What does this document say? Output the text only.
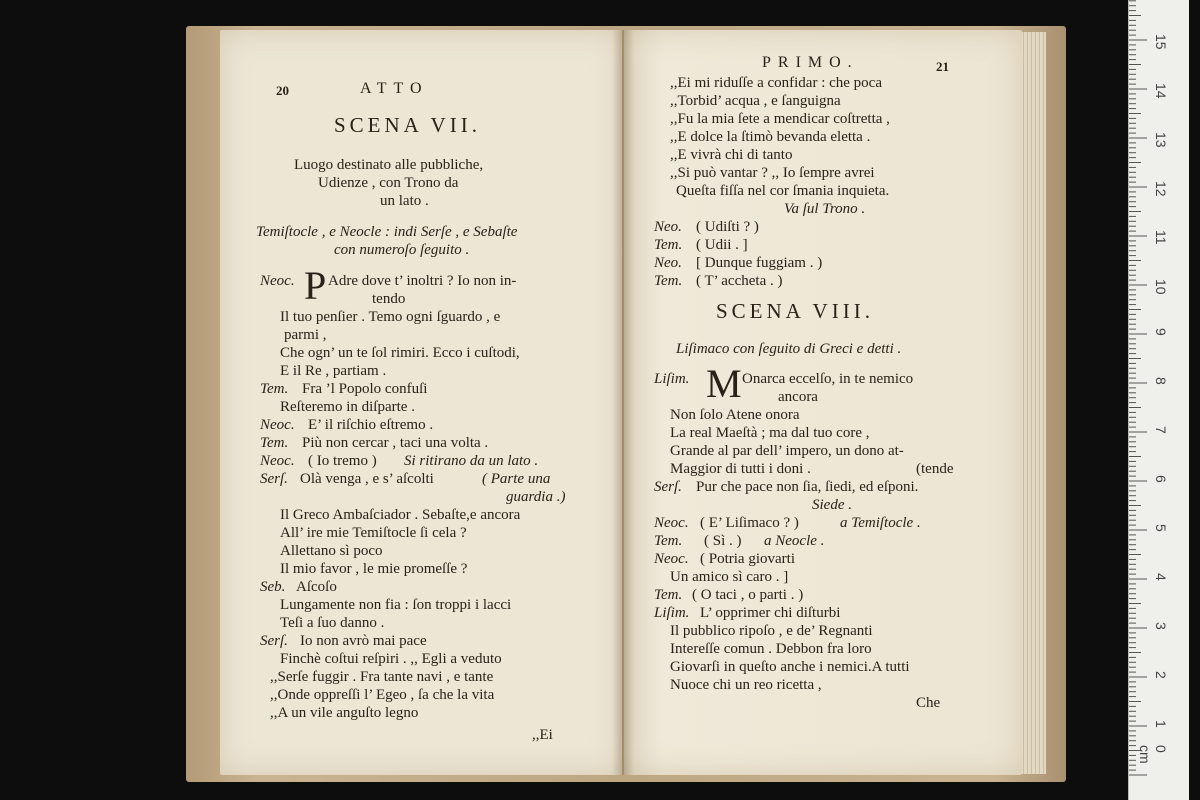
20	ATTO
SCENA VII.
Luogo destinato alle pubbliche,
Udienze , con Trono da
un lato .
Temiſtocle , e Neocle : indi Serſe , e Sebaſte
con numeroſo ſeguito .
Neoc. P Adre dove t’ inoltri ? Io non in-
tendo
Il tuo penſier . Temo ogni ſguardo , e
parmi ,
Che ogn’ un te ſol rimiri. Ecco i cuſtodi,
E il Re , partiam .
Tem. Fra ’l Popolo confuſi
Reſteremo in diſparte .
Neoc. E’ il riſchio eſtremo .
Tem. Più non cercar , taci una volta .
Neoc. ( Io tremo ) Si ritirano da un lato .
Serſ. Olà venga , e s’ aſcolti	( Parte una
guardia .)
Il Greco Ambaſciador . Sebaſte,e ancora
All’ ire mie Temiſtocle ſi cela ?
Allettano sì poco
Il mio favor , le mie promeſſe ?
Seb. Aſcoſo
Lungamente non fia : ſon troppi i lacci
Teſi a ſuo danno .
Serſ. Io non avrò mai pace
Finchè coſtui reſpiri . ,, Egli a veduto
,,Serſe fuggir . Fra tante navi , e tante
,,Onde oppreſſi l’ Egeo , ſa che la vita
,,A un vile anguſto legno
,,Ei
PRIMO.	21
,,Ei mi riduſſe a confidar : che poca
,,Torbid’ acqua , e ſanguigna
,,Fu la mia ſete a mendicar coſtretta ,
,,E dolce la ſtimò bevanda eletta .
,,E vivrà chi di tanto
,,Si può vantar ? ,, Io ſempre avrei
Queſta fiſſa nel cor ſmania inquieta.
Va ſul Trono .
Neo. ( Udiſti ? )
Tem. ( Udii . ]
Neo. [ Dunque fuggiam . )
Tem. ( T’ accheta . )
SCENA VIII.
Liſimaco con ſeguito di Greci e detti .
Liſim. M Onarca eccelſo, in te nemico
ancora
Non ſolo Atene onora
La real Maeſtà ; ma dal tuo core ,
Grande al par dell’ impero, un dono at-
Maggior di tutti i doni .	(tende
Serſ. Pur che pace non ſia, ſiedi, ed eſponi.
Siede .
Neoc. ( E’ Liſimaco ? )	a Temiſtocle .
Tem. ( Sì . ) a Neocle .
Neoc. ( Potria giovarti
Un amico sì caro . ]
Tem. ( O taci , o parti . )
Liſim. L’ opprimer chi diſturbi
Il pubblico ripoſo , e de’ Regnanti
Intereſſe comun . Debbon fra loro
Giovarſi in queſto anche i nemici.A tutti
Nuoce chi un reo ricetta ,
Che
0 cm
1
2
3
4
5
6
7
8
9
10
11
12
13
14
15
